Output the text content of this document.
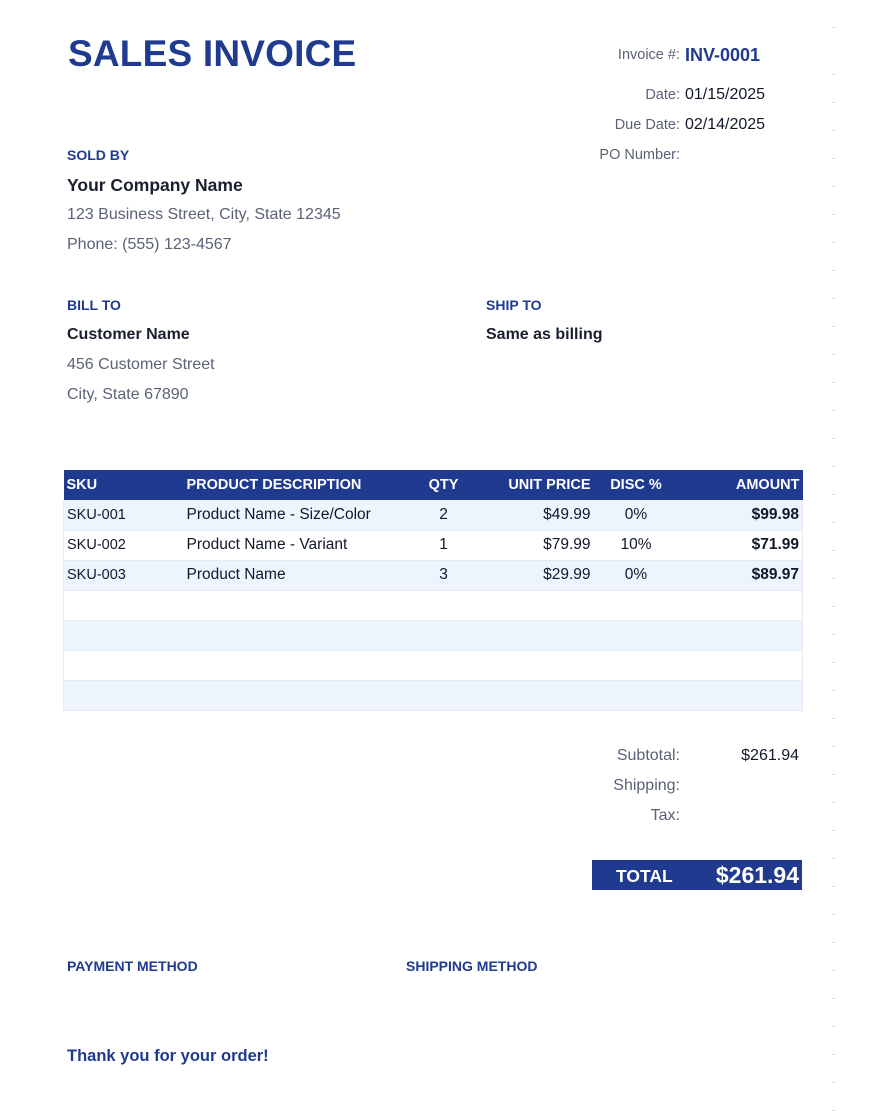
SALES INVOICE	Invoice #: INV-0001
Date: 01/15/2025
Due Date: 02/14/2025
PO Number:
SOLD BY
Your Company Name
123 Business Street, City, State 12345
Phone: (555) 123-4567
BILL TO
Customer Name
456 Customer Street
City, State 67890
SHIP TO
Same as billing
SKU	PRODUCT DESCRIPTION	QTY	UNIT PRICE	DISC %	AMOUNT
SKU-001	Product Name - Size/Color	2	$49.99	0%	$99.98
SKU-002	Product Name - Variant	1	$79.99	10%	$71.99
SKU-003	Product Name	3	$29.99	0%	$89.97

Subtotal:	$261.94
Shipping:
Tax:
TOTAL $261.94
PAYMENT METHOD	SHIPPING METHOD
Thank you for your order!
